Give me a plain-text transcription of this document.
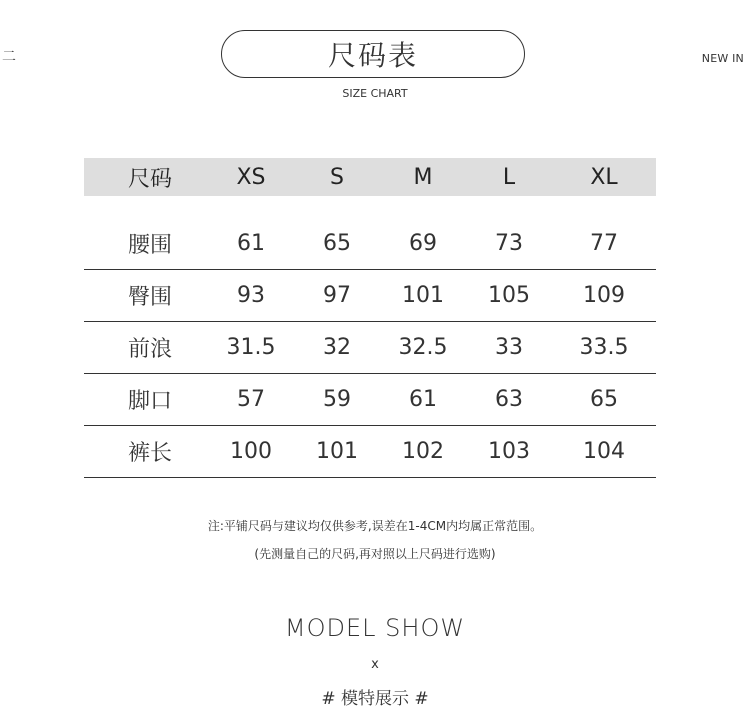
二	NEW IN
尺码表
SIZE CHART
尺码	XS	S	M	L	XL

腰围	61	65	69	73	77
臀围	93	97	101	105	109
前浪	31.5	32	32.5	33	33.5
脚口	57	59	61	63	65
裤长	100	101	102	103	104
注:平铺尺码与建议均仅供参考,误差在1-4CM内均属正常范围。
(先测量自己的尺码,再对照以上尺码进行选购)
MODEL SHOW
x
# 模特展示 #
